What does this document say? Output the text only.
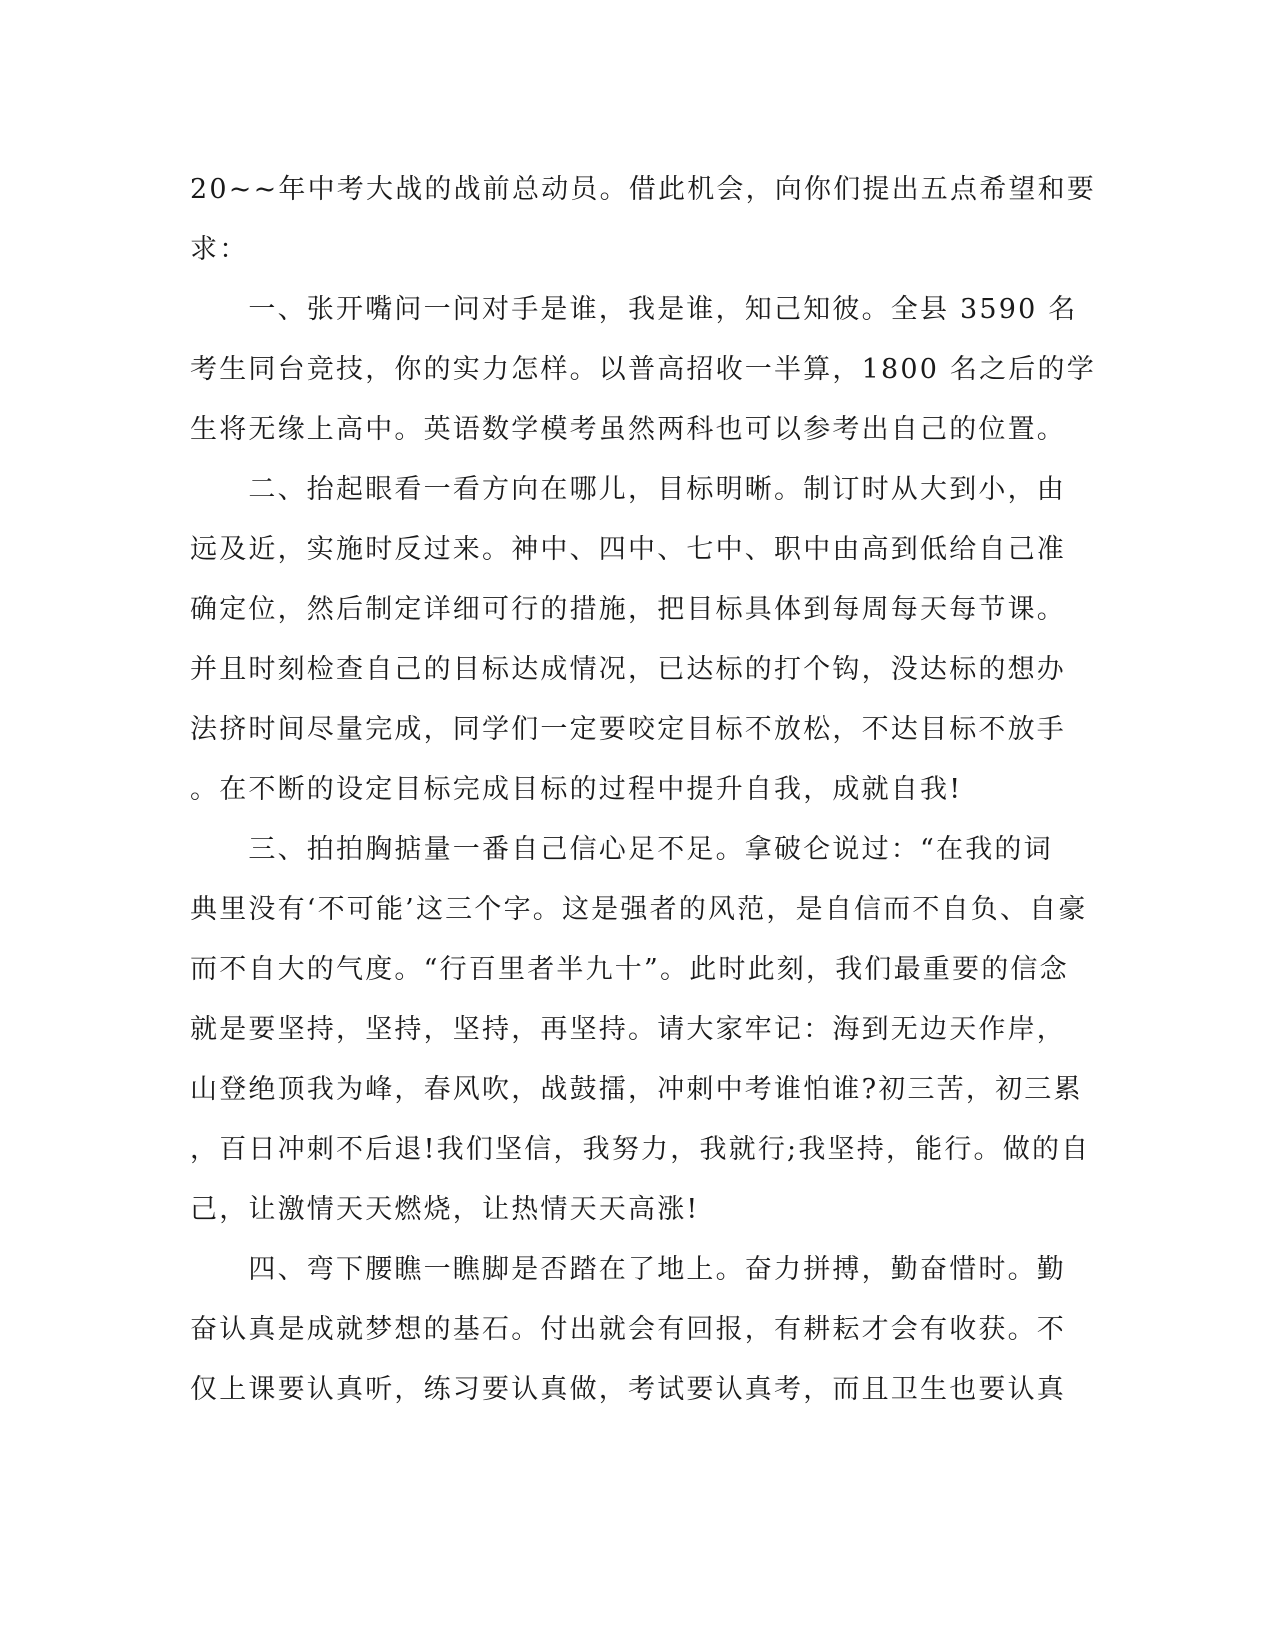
20~~年中考大战的战前总动员。借此机会，向你们提出五点希望和要
求：
　　一、张开嘴问一问对手是谁，我是谁，知己知彼。全县 3590 名
考生同台竞技，你的实力怎样。以普高招收一半算，1800 名之后的学
生将无缘上高中。英语数学模考虽然两科也可以参考出自己的位置。
　　二、抬起眼看一看方向在哪儿，目标明晰。制订时从大到小，由
远及近，实施时反过来。神中、四中、七中、职中由高到低给自己准
确定位，然后制定详细可行的措施，把目标具体到每周每天每节课。
并且时刻检查自己的目标达成情况，已达标的打个钩，没达标的想办
法挤时间尽量完成，同学们一定要咬定目标不放松，不达目标不放手
。在不断的设定目标完成目标的过程中提升自我，成就自我!
　　三、拍拍胸掂量一番自己信心足不足。拿破仑说过：“在我的词
典里没有‘不可能’这三个字。这是强者的风范，是自信而不自负、自豪
而不自大的气度。“行百里者半九十”。此时此刻，我们最重要的信念
就是要坚持，坚持，坚持，再坚持。请大家牢记：海到无边天作岸，
山登绝顶我为峰，春风吹，战鼓擂，冲刺中考谁怕谁?初三苦，初三累
，百日冲刺不后退!我们坚信，我努力，我就行;我坚持，能行。做的自
己，让激情天天燃烧，让热情天天高涨!
　　四、弯下腰瞧一瞧脚是否踏在了地上。奋力拼搏，勤奋惜时。勤
奋认真是成就梦想的基石。付出就会有回报，有耕耘才会有收获。不
仅上课要认真听，练习要认真做，考试要认真考，而且卫生也要认真
